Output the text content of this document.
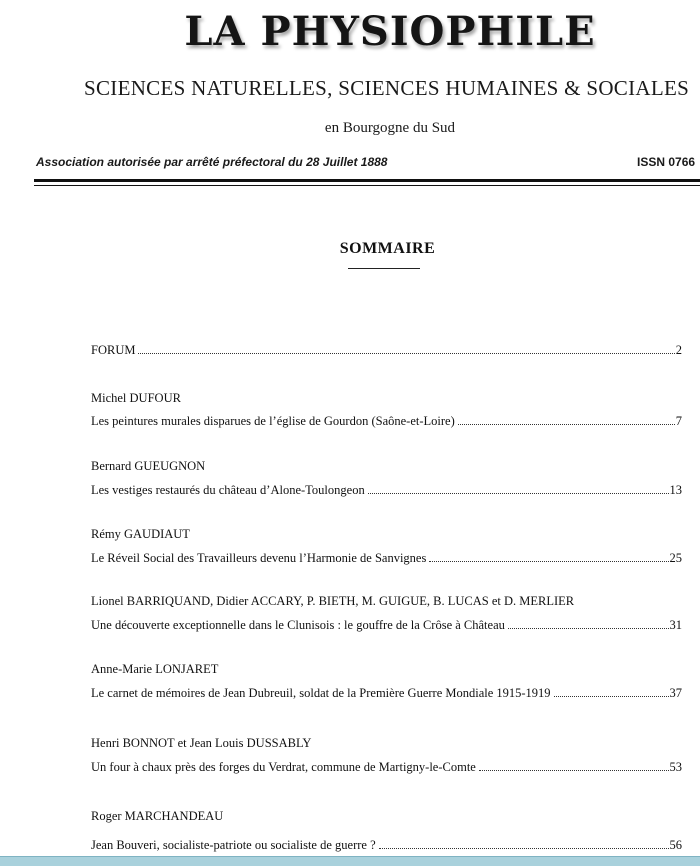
LA PHYSIOPHILE
SCIENCES NATURELLES, SCIENCES HUMAINES & SOCIALES
en Bourgogne du Sud
Association autorisée par arrêté préfectoral du 28 Juillet 1888	ISSN 0766
SOMMAIRE
FORUM	2
Michel DUFOUR
Les peintures murales disparues de l’église de Gourdon (Saône-et-Loire)	7
Bernard GUEUGNON
Les vestiges restaurés du château d’Alone-Toulongeon	13
Rémy GAUDIAUT
Le Réveil Social des Travailleurs devenu l’Harmonie de Sanvignes	25
Lionel BARRIQUAND, Didier ACCARY, P. BIETH, M. GUIGUE, B. LUCAS et D. MERLIER
Une découverte exceptionnelle dans le Clunisois : le gouffre de la Crôse à Château	31
Anne-Marie LONJARET
Le carnet de mémoires de Jean Dubreuil, soldat de la Première Guerre Mondiale 1915-1919	37
Henri BONNOT et Jean Louis DUSSABLY
Un four à chaux près des forges du Verdrat, commune de Martigny-le-Comte	53
Roger MARCHANDEAU
Jean Bouveri, socialiste-patriote ou socialiste de guerre ?	56
